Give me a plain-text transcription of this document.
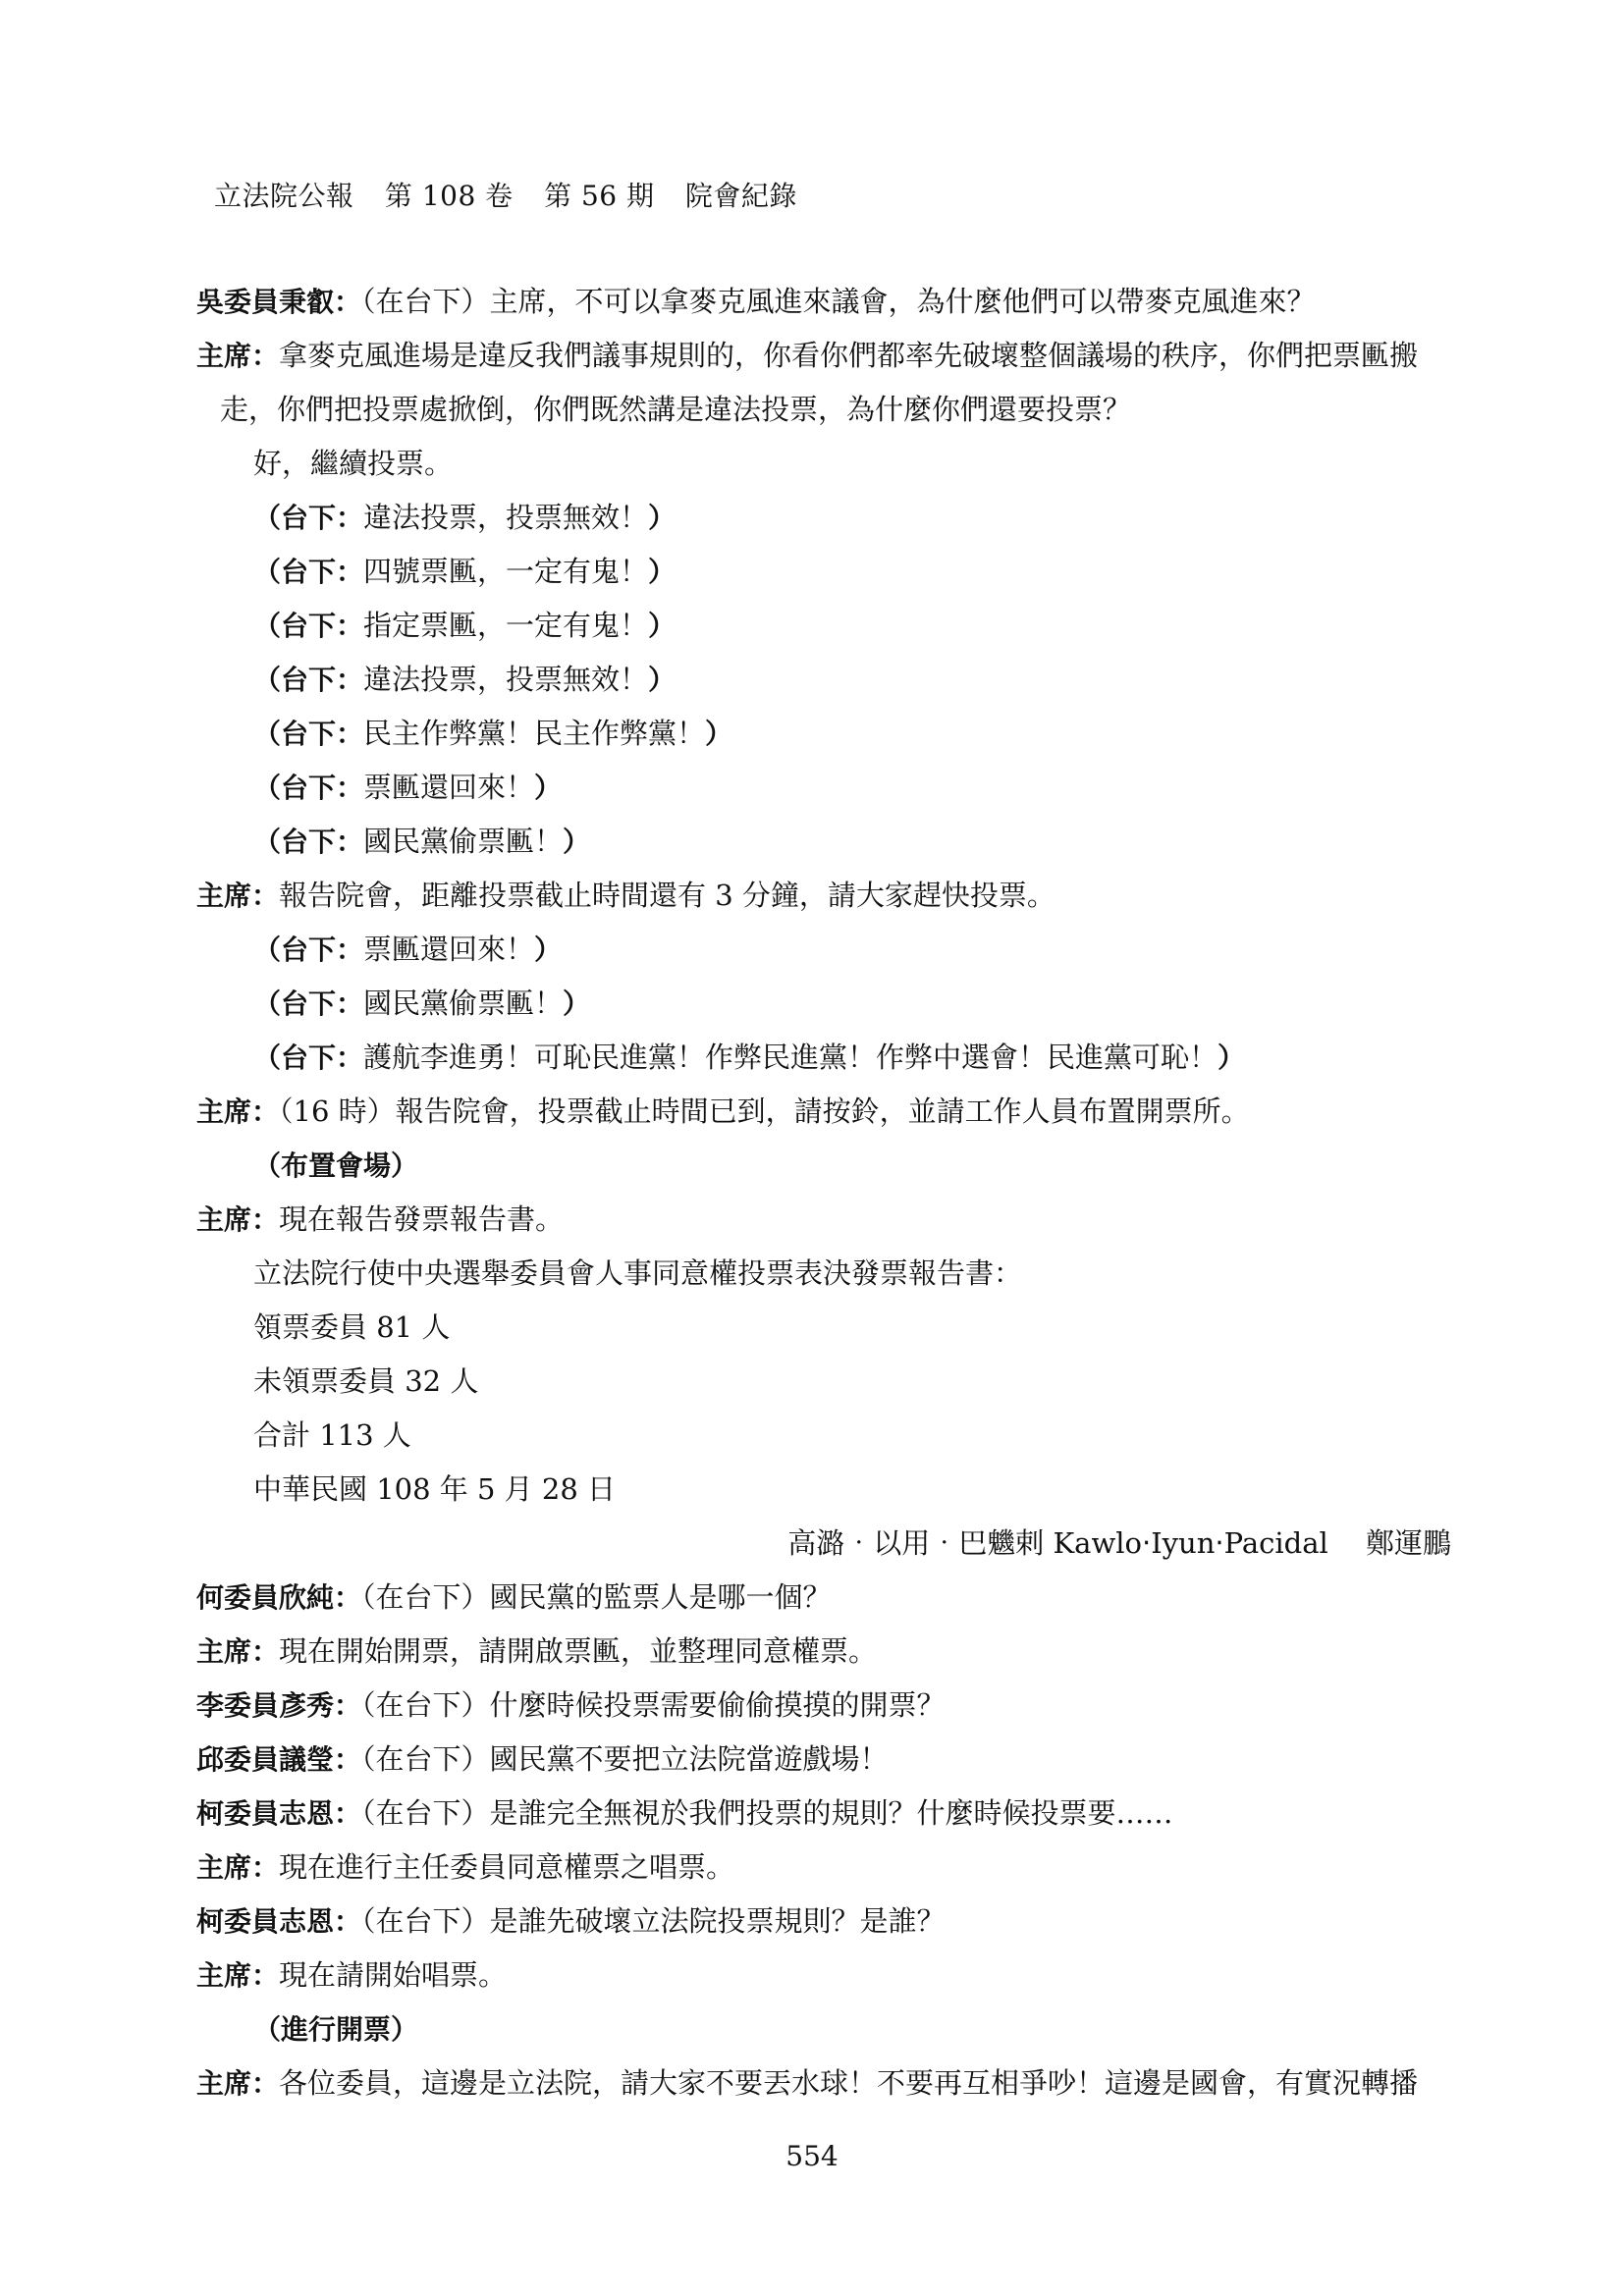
立法院公報 第 108 卷 第 56 期 院會紀錄
吳委員秉叡：（在台下）主席，不可以拿麥克風進來議會，為什麼他們可以帶麥克風進來？
主席：拿麥克風進場是違反我們議事規則的，你看你們都率先破壞整個議場的秩序，你們把票匭搬
走，你們把投票處掀倒，你們既然講是違法投票，為什麼你們還要投票？
好，繼續投票。
（台下：違法投票，投票無效！）
（台下：四號票匭，一定有鬼！）
（台下：指定票匭，一定有鬼！）
（台下：違法投票，投票無效！）
（台下：民主作弊黨！民主作弊黨！）
（台下：票匭還回來！）
（台下：國民黨偷票匭！）
主席：報告院會，距離投票截止時間還有 3 分鐘，請大家趕快投票。
（台下：票匭還回來！）
（台下：國民黨偷票匭！）
（台下：護航李進勇！可恥民進黨！作弊民進黨！作弊中選會！民進黨可恥！）
主席：（16 時）報告院會，投票截止時間已到，請按鈴，並請工作人員布置開票所。
（布置會場）
主席：現在報告發票報告書。
立法院行使中央選舉委員會人事同意權投票表決發票報告書：
領票委員 81 人
未領票委員 32 人
合計 113 人
中華民國 108 年 5 月 28 日
高潞‧以用‧巴魕剌 Kawlo‧Iyun‧Pacidal　 鄭運鵬
何委員欣純：（在台下）國民黨的監票人是哪一個？
主席：現在開始開票，請開啟票匭，並整理同意權票。
李委員彥秀：（在台下）什麼時候投票需要偷偷摸摸的開票？
邱委員議瑩：（在台下）國民黨不要把立法院當遊戲場！
柯委員志恩：（在台下）是誰完全無視於我們投票的規則？什麼時候投票要……
主席：現在進行主任委員同意權票之唱票。
柯委員志恩：（在台下）是誰先破壞立法院投票規則？是誰？
主席：現在請開始唱票。
（進行開票）
主席：各位委員，這邊是立法院，請大家不要丟水球！不要再互相爭吵！這邊是國會，有實況轉播
554
